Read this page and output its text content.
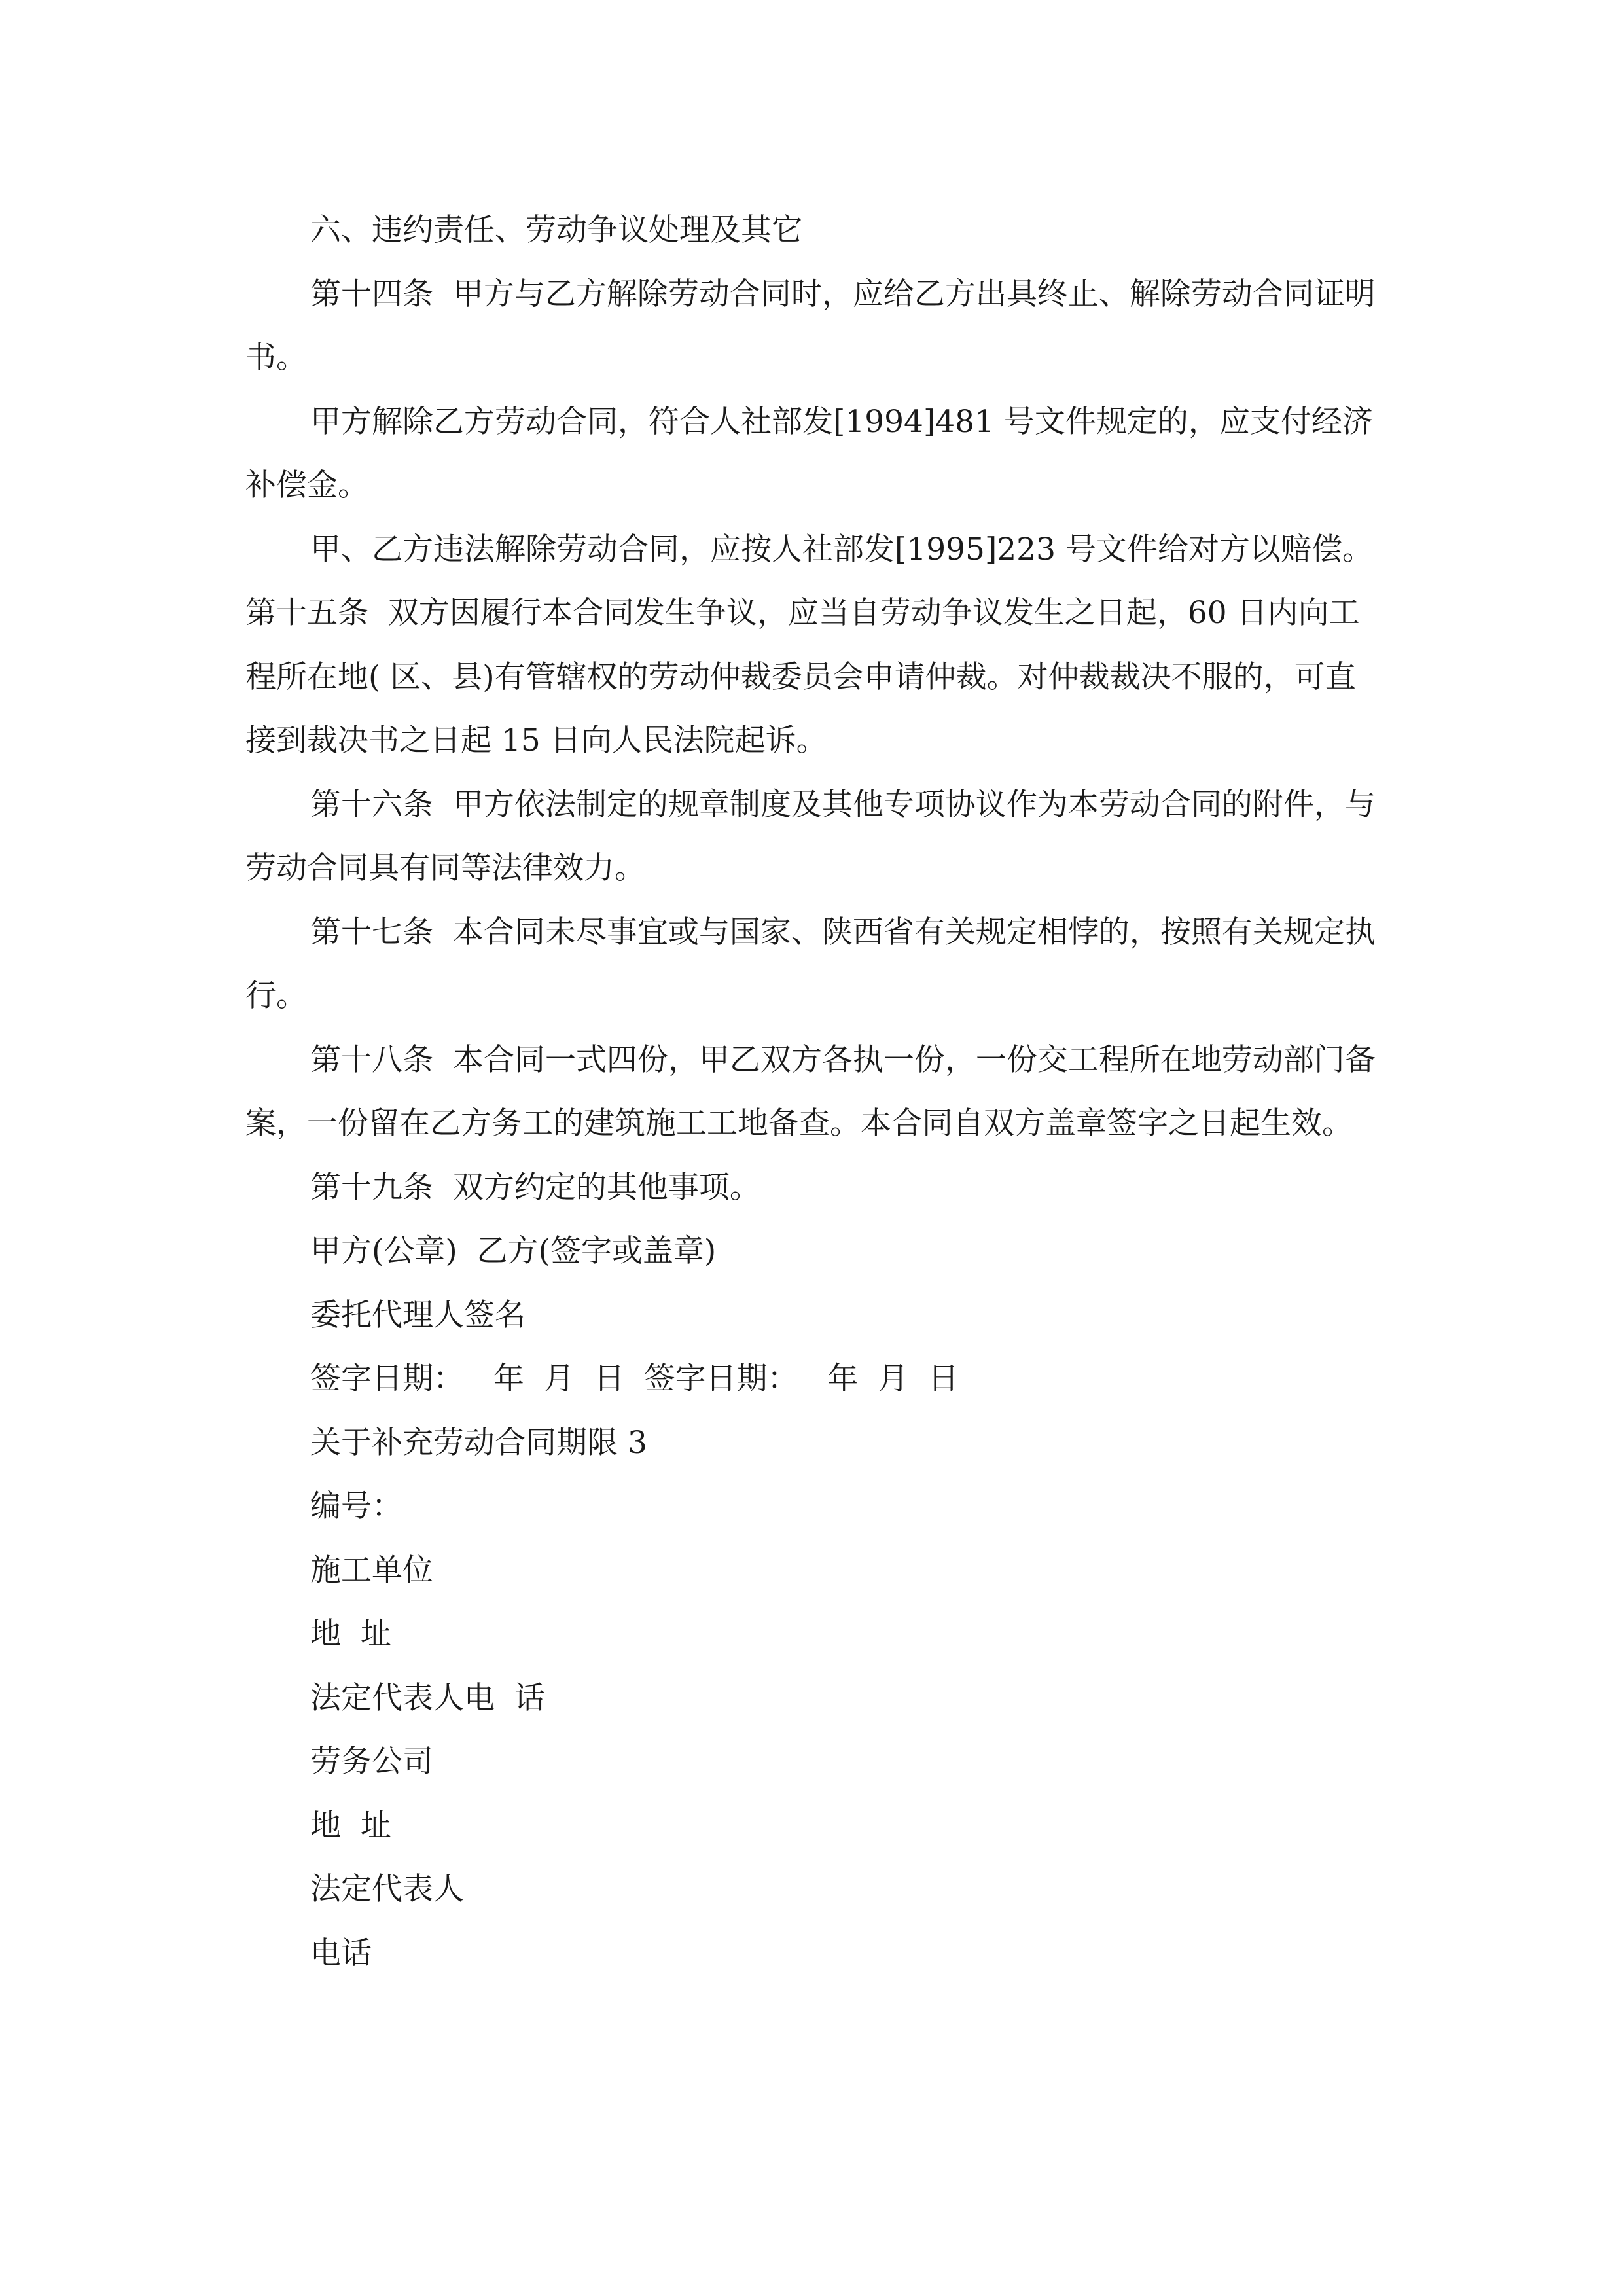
六、违约责任、劳动争议处理及其它

第十四条  甲方与乙方解除劳动合同时，应给乙方出具终止、解除劳动合同证明书。

甲方解除乙方劳动合同，符合人社部发[1994]481 号文件规定的，应支付经济补偿金。

甲、乙方违法解除劳动合同，应按人社部发[1995]223 号文件给对方以赔偿。

第十五条  双方因履行本合同发生争议，应当自劳动争议发生之日起，60 日内向工程所在地( 区、县)有管辖权的劳动仲裁委员会申请仲裁。对仲裁裁决不服的，可直接到裁决书之日起 15 日向人民法院起诉。

第十六条  甲方依法制定的规章制度及其他专项协议作为本劳动合同的附件，与劳动合同具有同等法律效力。

第十七条  本合同未尽事宜或与国家、陕西省有关规定相悖的，按照有关规定执行。

第十八条  本合同一式四份，甲乙双方各执一份，一份交工程所在地劳动部门备案，一份留在乙方务工的建筑施工工地备查。本合同自双方盖章签字之日起生效。

第十九条  双方约定的其他事项。

甲方(公章)  乙方(签字或盖章)

委托代理人签名

签字日期：   年  月  日  签字日期：   年  月  日

关于补充劳动合同期限 3

编号：

施工单位

地  址

法定代表人电  话

劳务公司

地  址

法定代表人

电话
